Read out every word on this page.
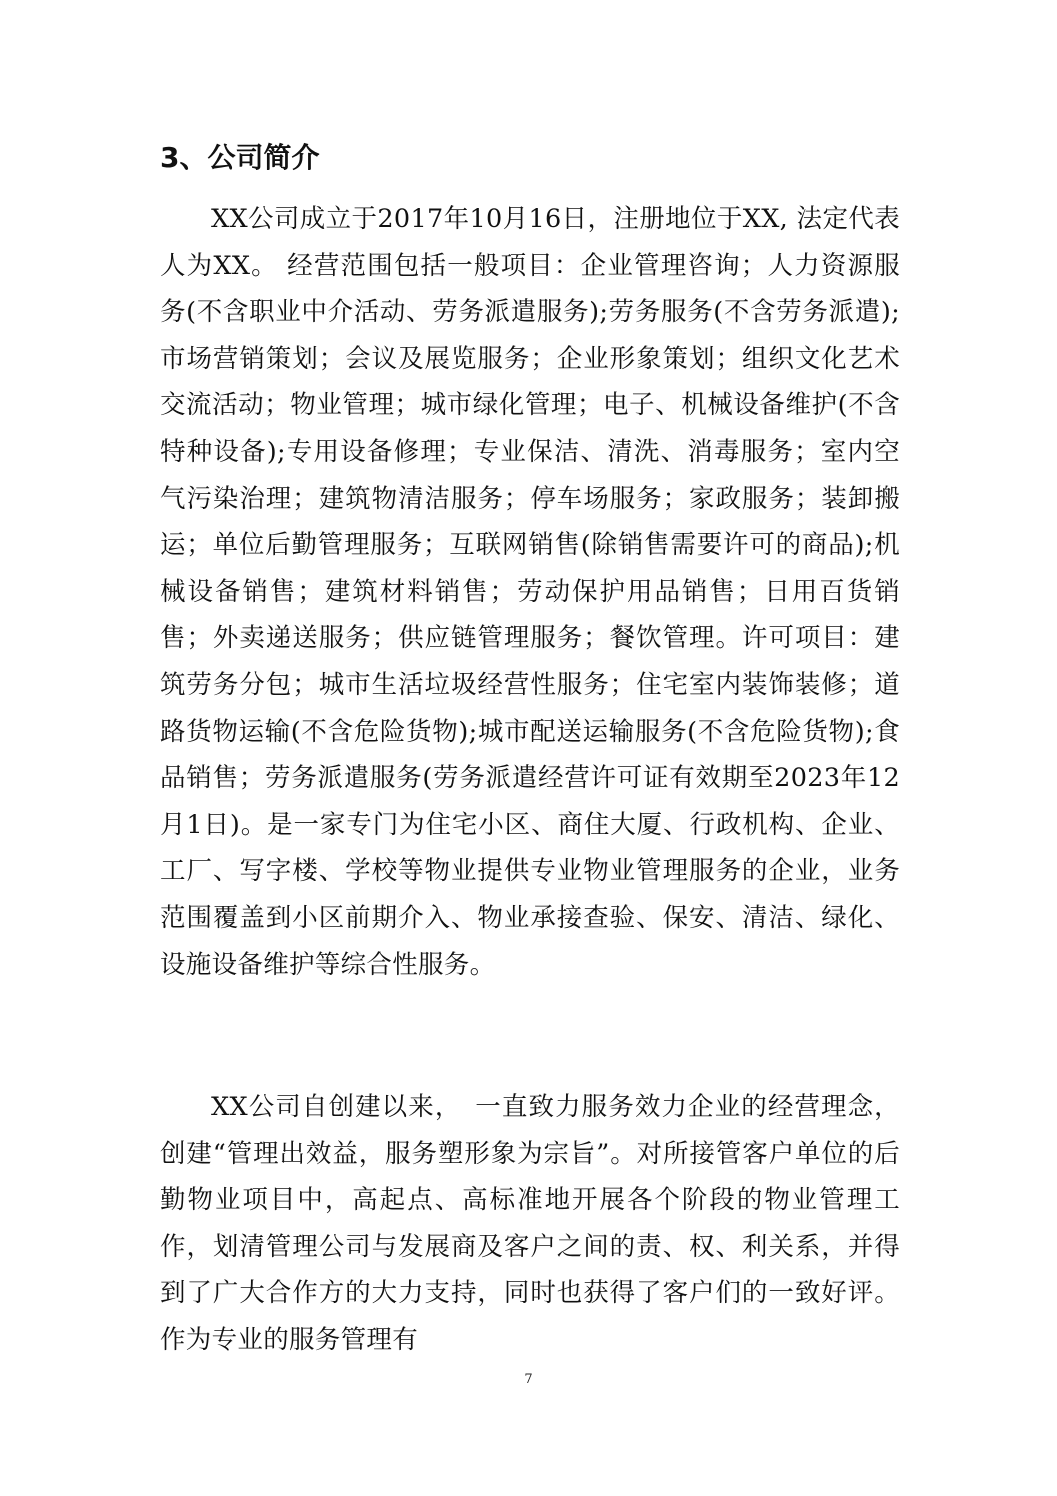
3、公司简介

XX公司成立于2017年10月16日，注册地位于XX, 法定代表人为XX。 经营范围包括一般项目：企业管理咨询；人力资源服务(不含职业中介活动、劳务派遣服务);劳务服务(不含劳务派遣);市场营销策划；会议及展览服务；企业形象策划；组织文化艺术交流活动；物业管理；城市绿化管理；电子、机械设备维护(不含特种设备);专用设备修理；专业保洁、清洗、消毒服务；室内空气污染治理；建筑物清洁服务；停车场服务；家政服务；装卸搬运；单位后勤管理服务；互联网销售(除销售需要许可的商品);机械设备销售；建筑材料销售；劳动保护用品销售；日用百货销售；外卖递送服务；供应链管理服务；餐饮管理。许可项目：建筑劳务分包；城市生活垃圾经营性服务；住宅室内装饰装修；道路货物运输(不含危险货物);城市配送运输服务(不含危险货物);食品销售；劳务派遣服务(劳务派遣经营许可证有效期至2023年12月1日)。是一家专门为住宅小区、商住大厦、行政机构、企业、工厂、写字楼、学校等物业提供专业物业管理服务的企业，业务范围覆盖到小区前期介入、物业承接查验、保安、清洁、绿化、设施设备维护等综合性服务。

XX公司自创建以来，　一直致力服务效力企业的经营理念，创建“管理出效益，服务塑形象为宗旨”。对所接管客户单位的后勤物业项目中，高起点、高标准地开展各个阶段的物业管理工作，划清管理公司与发展商及客户之间的责、权、利关系，并得到了广大合作方的大力支持，同时也获得了客户们的一致好评。作为专业的服务管理有

7
